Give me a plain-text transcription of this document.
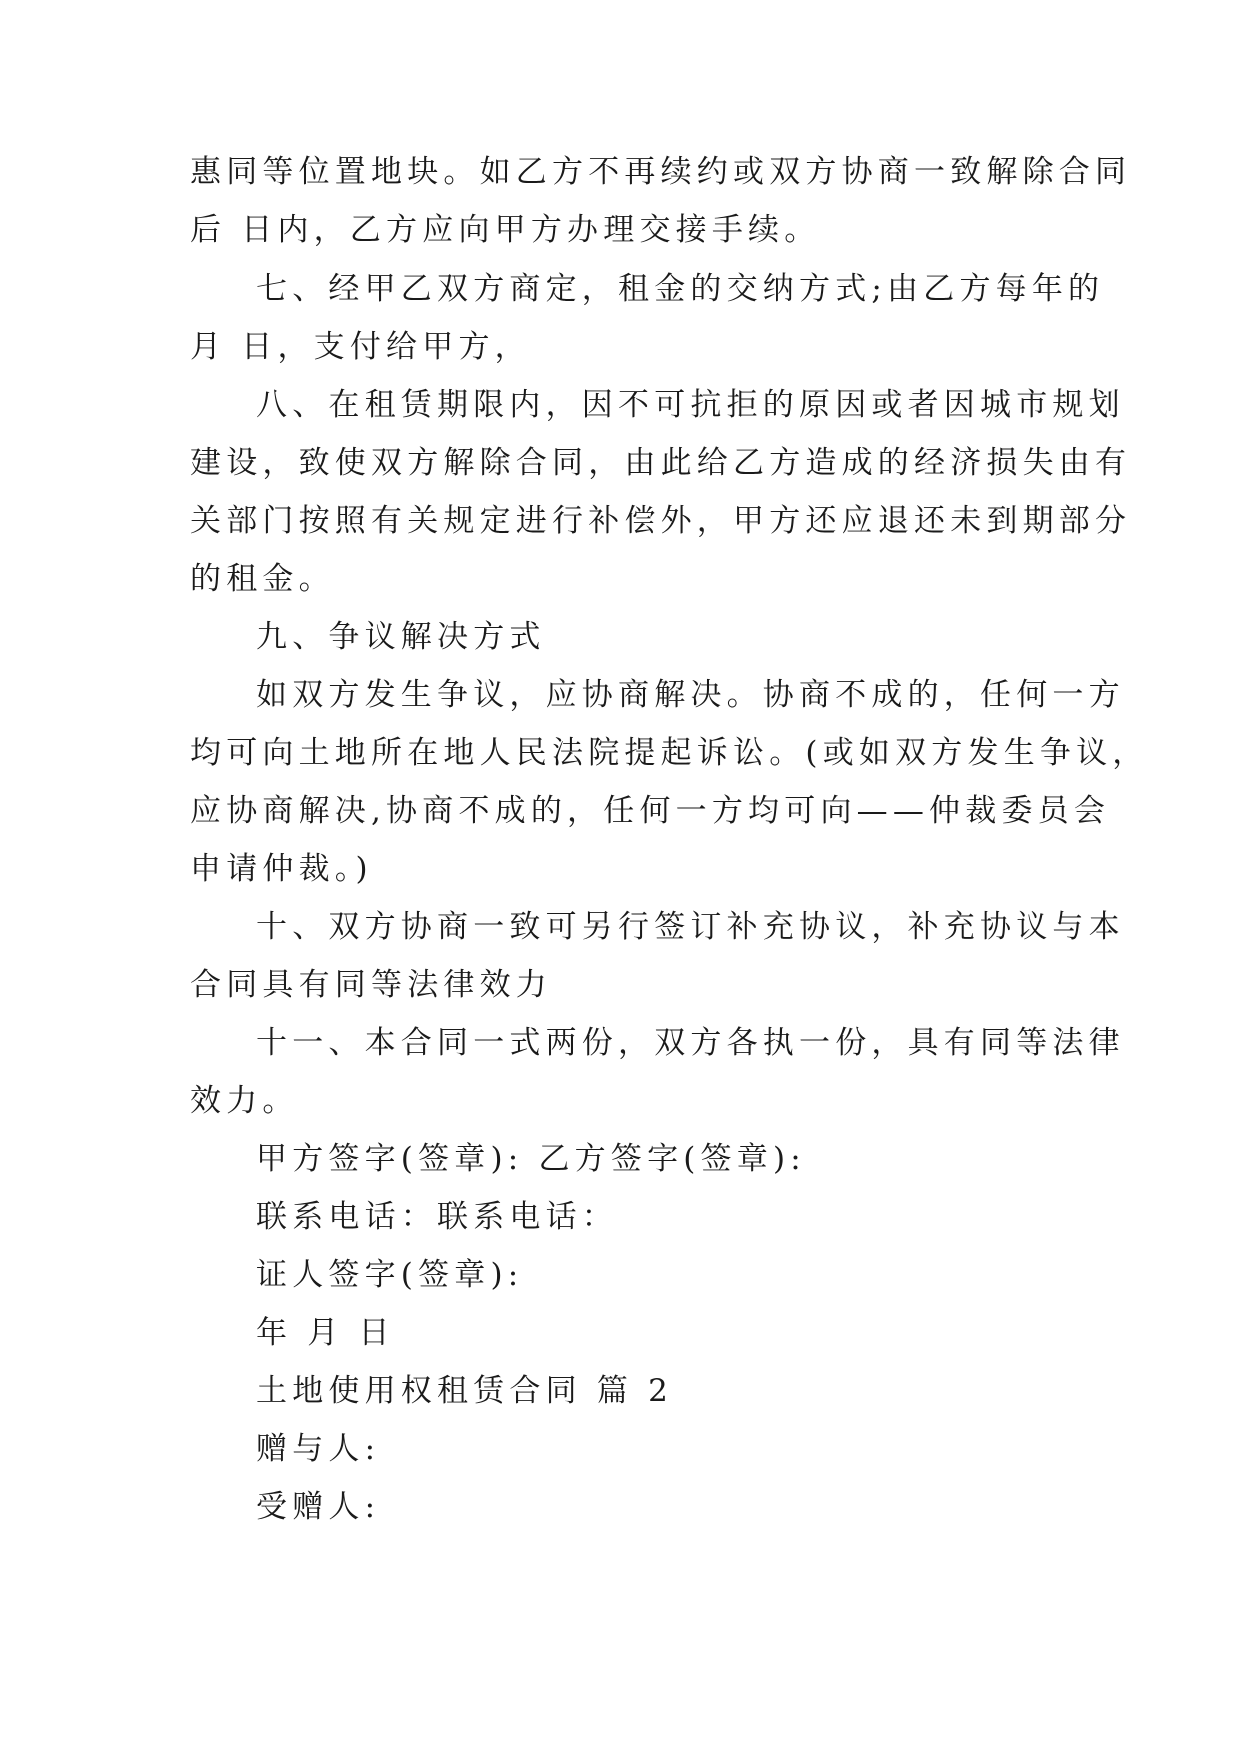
惠同等位置地块。如乙方不再续约或双方协商一致解除合同
后 日内，乙方应向甲方办理交接手续。
七、经甲乙双方商定，租金的交纳方式;由乙方每年的
月 日，支付给甲方，
八、在租赁期限内，因不可抗拒的原因或者因城市规划
建设，致使双方解除合同，由此给乙方造成的经济损失由有
关部门按照有关规定进行补偿外，甲方还应退还未到期部分
的租金。
九、争议解决方式
如双方发生争议，应协商解决。协商不成的，任何一方
均可向土地所在地人民法院提起诉讼。(或如双方发生争议，
应协商解决,协商不成的，任何一方均可向——仲裁委员会
申请仲裁。)
十、双方协商一致可另行签订补充协议，补充协议与本
合同具有同等法律效力
十一、本合同一式两份，双方各执一份，具有同等法律
效力。
甲方签字(签章): 乙方签字(签章):
联系电话：联系电话：
证人签字(签章):
年 月 日
土地使用权租赁合同 篇 2
赠与人:
受赠人:
